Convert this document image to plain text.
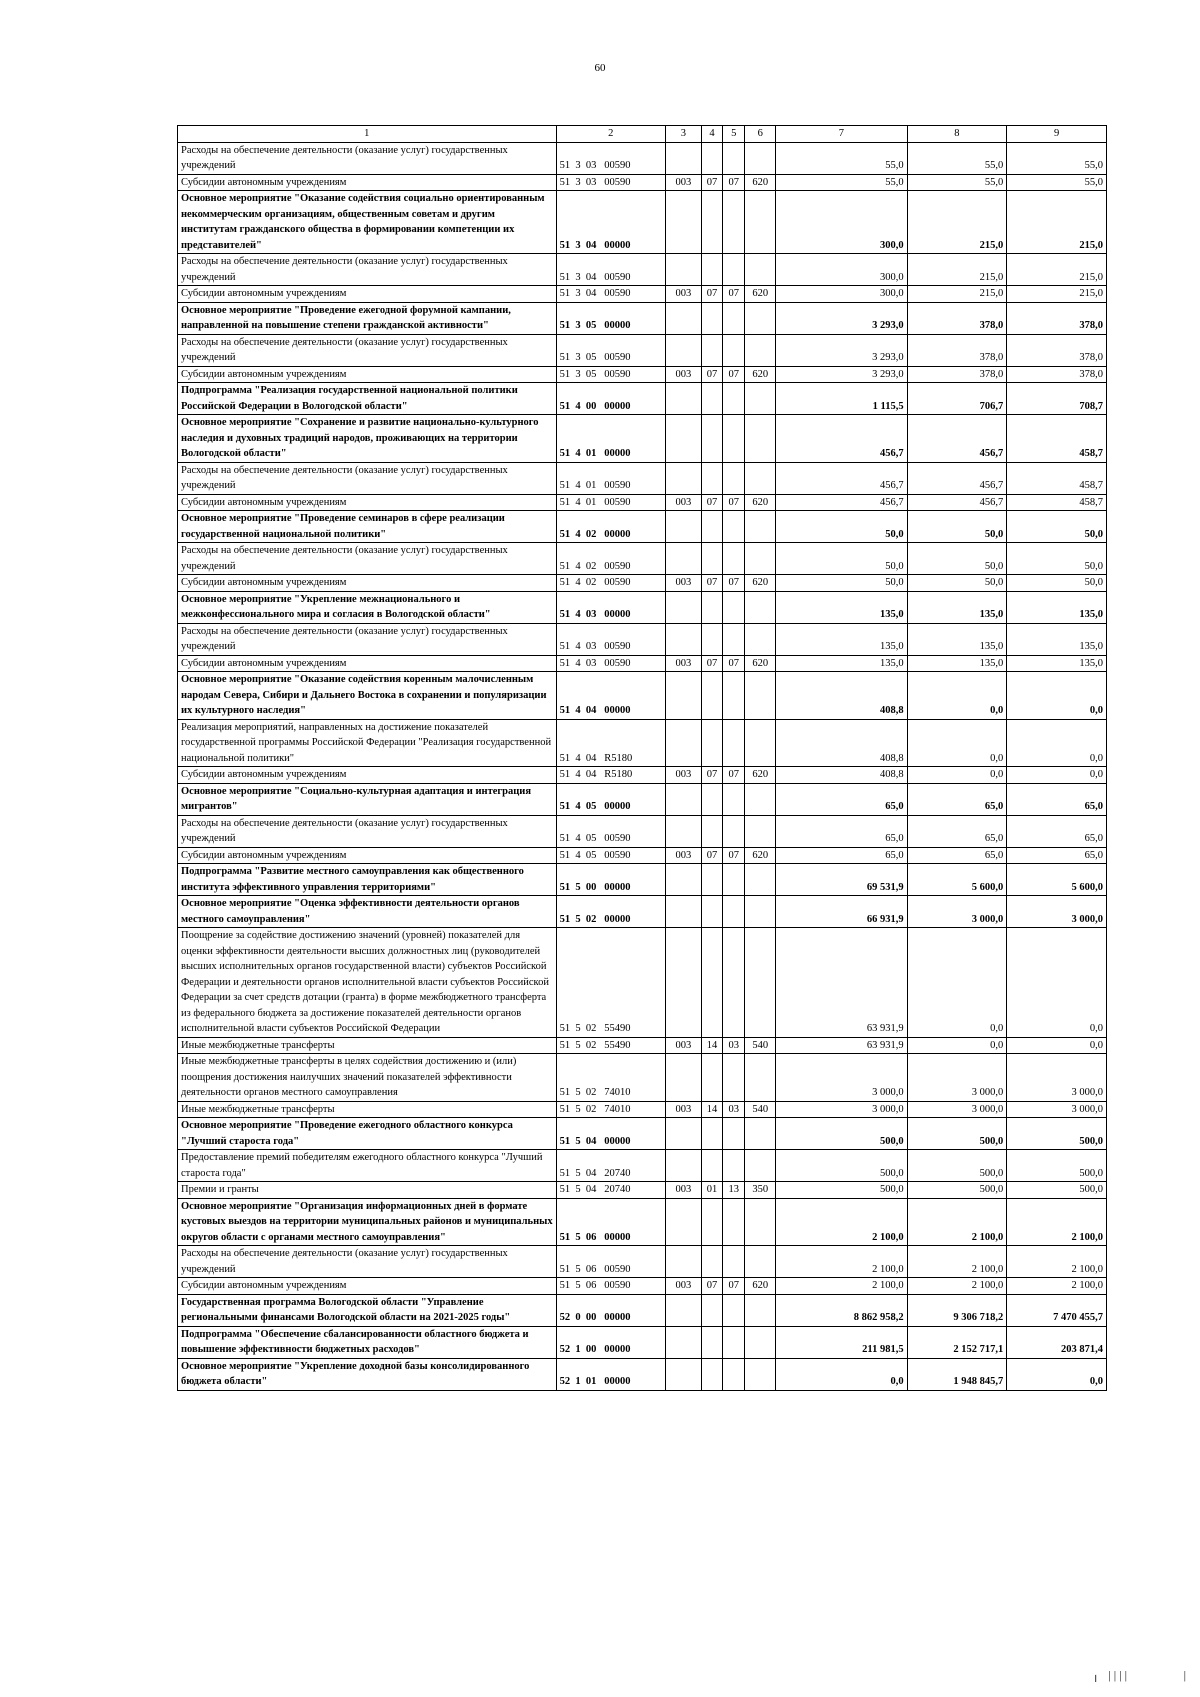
60
1	2	3	4	5	6	7	8	9
Расходы на обеспечение деятельности (оказание услуг) государственных учреждений	51  3  03   00590					55,0	55,0	55,0
Субсидии автономным учреждениям	51  3  03   00590	003	07	07	620	55,0	55,0	55,0
Основное мероприятие "Оказание содействия социально ориентированным некоммерческим организациям, общественным советам и другим институтам гражданского общества в формировании компетенции их представителей"	51  3  04   00000					300,0	215,0	215,0
Расходы на обеспечение деятельности (оказание услуг) государственных учреждений	51  3  04   00590					300,0	215,0	215,0
Субсидии автономным учреждениям	51  3  04   00590	003	07	07	620	300,0	215,0	215,0
Основное мероприятие "Проведение ежегодной форумной кампании, направленной на повышение степени гражданской активности"	51  3  05   00000					3 293,0	378,0	378,0
Расходы на обеспечение деятельности (оказание услуг) государственных учреждений	51  3  05   00590					3 293,0	378,0	378,0
Субсидии автономным учреждениям	51  3  05   00590	003	07	07	620	3 293,0	378,0	378,0
Подпрограмма "Реализация государственной национальной политики Российской Федерации в Вологодской области"	51  4  00   00000					1 115,5	706,7	708,7
Основное мероприятие "Сохранение и развитие национально-культурного наследия и духовных традиций народов, проживающих на территории Вологодской области"	51  4  01   00000					456,7	456,7	458,7
Расходы на обеспечение деятельности (оказание услуг) государственных учреждений	51  4  01   00590					456,7	456,7	458,7
Субсидии автономным учреждениям	51  4  01   00590	003	07	07	620	456,7	456,7	458,7
Основное мероприятие "Проведение семинаров в сфере реализации государственной национальной политики"	51  4  02   00000					50,0	50,0	50,0
Расходы на обеспечение деятельности (оказание услуг) государственных учреждений	51  4  02   00590					50,0	50,0	50,0
Субсидии автономным учреждениям	51  4  02   00590	003	07	07	620	50,0	50,0	50,0
Основное мероприятие "Укрепление межнационального и межконфессионального мира и согласия в Вологодской области"	51  4  03   00000					135,0	135,0	135,0
Расходы на обеспечение деятельности (оказание услуг) государственных учреждений	51  4  03   00590					135,0	135,0	135,0
Субсидии автономным учреждениям	51  4  03   00590	003	07	07	620	135,0	135,0	135,0
Основное мероприятие "Оказание содействия коренным малочисленным народам Севера, Сибири и Дальнего Востока в сохранении и популяризации их культурного наследия"	51  4  04   00000					408,8	0,0	0,0
Реализация мероприятий, направленных на достижение показателей государственной программы Российской Федерации "Реализация государственной национальной политики"	51  4  04   R5180					408,8	0,0	0,0
Субсидии автономным учреждениям	51  4  04   R5180	003	07	07	620	408,8	0,0	0,0
Основное мероприятие "Социально-культурная адаптация и интеграция мигрантов"	51  4  05   00000					65,0	65,0	65,0
Расходы на обеспечение деятельности (оказание услуг) государственных учреждений	51  4  05   00590					65,0	65,0	65,0
Субсидии автономным учреждениям	51  4  05   00590	003	07	07	620	65,0	65,0	65,0
Подпрограмма "Развитие местного самоуправления как общественного института эффективного управления территориями"	51  5  00   00000					69 531,9	5 600,0	5 600,0
Основное мероприятие "Оценка эффективности деятельности органов местного самоуправления"	51  5  02   00000					66 931,9	3 000,0	3 000,0
Поощрение за содействие достижению значений (уровней) показателей для оценки эффективности деятельности высших должностных лиц (руководителей высших исполнительных органов государственной власти) субъектов Российской Федерации и деятельности органов исполнительной власти субъектов Российской Федерации за счет средств дотации (гранта) в форме межбюджетного трансферта из федерального бюджета за достижение показателей деятельности органов исполнительной власти субъектов Российской Федерации	51  5  02   55490					63 931,9	0,0	0,0
Иные межбюджетные трансферты	51  5  02   55490	003	14	03	540	63 931,9	0,0	0,0
Иные межбюджетные трансферты в целях содействия достижению и (или) поощрения достижения наилучших значений показателей эффективности деятельности органов местного самоуправления	51  5  02   74010					3 000,0	3 000,0	3 000,0
Иные межбюджетные трансферты	51  5  02   74010	003	14	03	540	3 000,0	3 000,0	3 000,0
Основное мероприятие "Проведение ежегодного областного конкурса "Лучший староста года"	51  5  04   00000					500,0	500,0	500,0
Предоставление премий победителям ежегодного областного конкурса "Лучший староста года"	51  5  04   20740					500,0	500,0	500,0
Премии и гранты	51  5  04   20740	003	01	13	350	500,0	500,0	500,0
Основное мероприятие "Организация информационных дней в формате кустовых выездов на территории муниципальных районов и муниципальных округов области с органами местного самоуправления"	51  5  06   00000					2 100,0	2 100,0	2 100,0
Расходы на обеспечение деятельности (оказание услуг) государственных учреждений	51  5  06   00590					2 100,0	2 100,0	2 100,0
Субсидии автономным учреждениям	51  5  06   00590	003	07	07	620	2 100,0	2 100,0	2 100,0
Государственная программа Вологодской области "Управление региональными финансами Вологодской области на 2021-2025 годы"	52  0  00   00000					8 862 958,2	9 306 718,2	7 470 455,7
Подпрограмма "Обеспечение сбалансированности областного бюджета и повышение эффективности бюджетных расходов"	52  1  00   00000					211 981,5	2 152 717,1	203 871,4
Основное мероприятие "Укрепление доходной базы консолидированного бюджета области"	52  1  01   00000					0,0	1 948 845,7	0,0
╷ ||||	|
